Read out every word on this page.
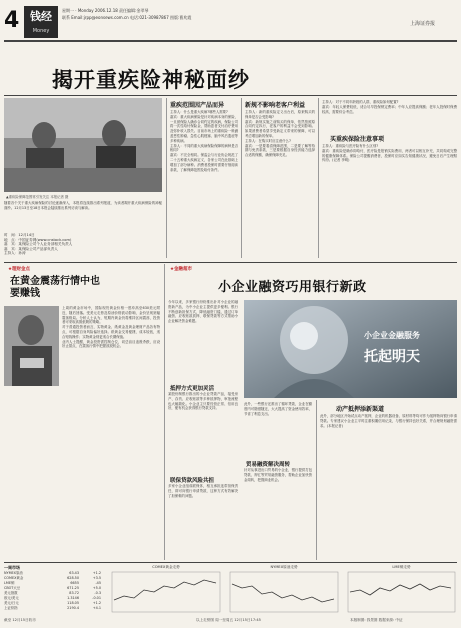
4 钱经
Money
星期一 · Monday 2006.12.18 责任编辑:金翠琴
联系 Email:jrpp@eonsews.com.cn 电话:021-30987867 图版:曹兆霞
上海证券报
揭开重疾险神秘面纱
▲重疾险保障范围常引发关注 本报记者 摄
随着各个关于重大疾病保险的讨论逐渐深入，本报将连续推出系列报道，为读者揭开重大疾病保险的神秘面纱。12月13日至18日本报会陆续推出系列访谈与解读。
时　间：12月14日
地　点：中国证券网(www.cnstock.com)
嘉　宾：某保险公司个人业务部相关负责人
嘉　宾：某保险公司产品部负责人
主持人：孙涛
重疾范围因产品而异
主持人：什么是重大疾病?哪些人需要?
嘉宾：重大疾病保险是针对疾病本身的保险，一旦被保险人确诊合同约定的疾病，保险公司将一次性给付保险金，帮助患者支付治疗费用及弥补收入损失。目前市场上的重疾险一般涵盖恶性肿瘤、急性心肌梗塞、脑中风后遗症等多种疾病。
主持人：不同的重大疾病保险保障的病种是否相同?
嘉宾：不完全相同。保监会与行业协会规范了二十五种重大疾病定义，各家公司在此基础上增加了部分病种。消费者投保时需要仔细阅读条款，了解保障范围及给付条件。
新规不影响老客户利益
主持人：新的重疾险定义出台后，原来购买的保单是否会受影响?
嘉宾：新规实施之前购买的保单，依然按照原合同约定执行，老客户的利益不会受到影响。如果消费者希望享受新定义带来的保障，可以考虑增加新的保单。
主持人：在购买时应注意什么?
嘉宾：一是要看清保障范围，二是要了解等待期与免责条款，三是要根据自身经济能力选择合适的保额，确保保障充足。
主持人：对于不同年龄段的人群，重疾险如何配置?
嘉宾：年轻人保费较低，适合尽早投保锁定费率；中年人应提高保额；老年人投保时保费较高，需要综合考虑。
买重疾保险注意事项
主持人：重疾险与医疗险有什么区别?
嘉宾：重疾险是确诊即给付，医疗险是报销实际费用，两者可以相互补充，共同构成完整的健康保障体系。保险公司提醒消费者，投保时应如实告知健康状况，避免日后产生理赔纠纷。(记者 李明)
★理财金点
在黄金震荡行情中也要赚钱
上周的黄金市场中，国际现货黄金价格一度冲高至630美元附近，随后回落。受美元走势及原油价格波动影响，金价呈现宽幅震荡格局。分析人士认为，短期内黄金仍将维持区间震荡，投资者可采取高抛低吸的策略。
对于普通投资者而言，实物黄金、纸黄金及黄金理财产品各有特点，可根据自身风险偏好选择。纸黄金交易便捷、成本较低，适合短线操作；实物黄金则更适合长期保值。
业内人士提醒，黄金投资需控制仓位，切忌盲目追涨杀跌，应设好止损点，在震荡行情中把握波段机会。
★金融超市
小企业融资巧用银行新政
今年以来，多家银行纷纷推出针对小企业的融资新产品，为中小企业主提供更多便利。银行不断创新担保方式，降低融资门槛，通过订单融资、应收账款质押、联保贷款等方式帮助小企业解决资金难题。
小企业金融服务
托起明天
抵押方式更加灵活
某股份制银行推出的小企业贷款产品，接受房产、存货、应收账款等多种抵押物，审批流程也大幅简化。小企业主只要经营正常、信用良好，便有机会获得银行贷款支持。
联保贷款风险共担
多家小企业组成联保体，相互承担连带担保责任，即可向银行申请贷款，这种方式有效解决了担保难的问题。
此外，一些银行还推出了循环贷款，企业在额度内可随借随还，大大提高了资金使用效率，节省了利息支出。
贸易融资解决周转
针对从事进出口贸易的小企业，银行提供打包贷款、押汇等贸易融资服务，帮助企业加快资金周转，把握商业机会。
动产抵押添新渠道
此外，部分地区开始试点动产抵押，企业的机器设备、原材料等均可作为抵押物向银行申请贷款。专家建议小企业主平时注重积累信用记录，与银行保持良好关系，并合理规划融资需求。(本报记者)
一周市场
NYMEX原油	63.43	+1.2
COMEX黄金	628.50	+3.5
LME铜	6655	-45
CBOT大豆	671.25	+5.0
美元指数	83.72	-0.3
欧元/美元	1.3146	-0.01
美元/日元	118.05	+1.2
上证综指	2190.4	+4.1
COMEX黄金走势	NYMEX原油走势	LME铜走势
截至 12月15日收市	以上走势图 周一至周五 12月15日17:45	本版制图: 钱景图 数据来源: 中证
